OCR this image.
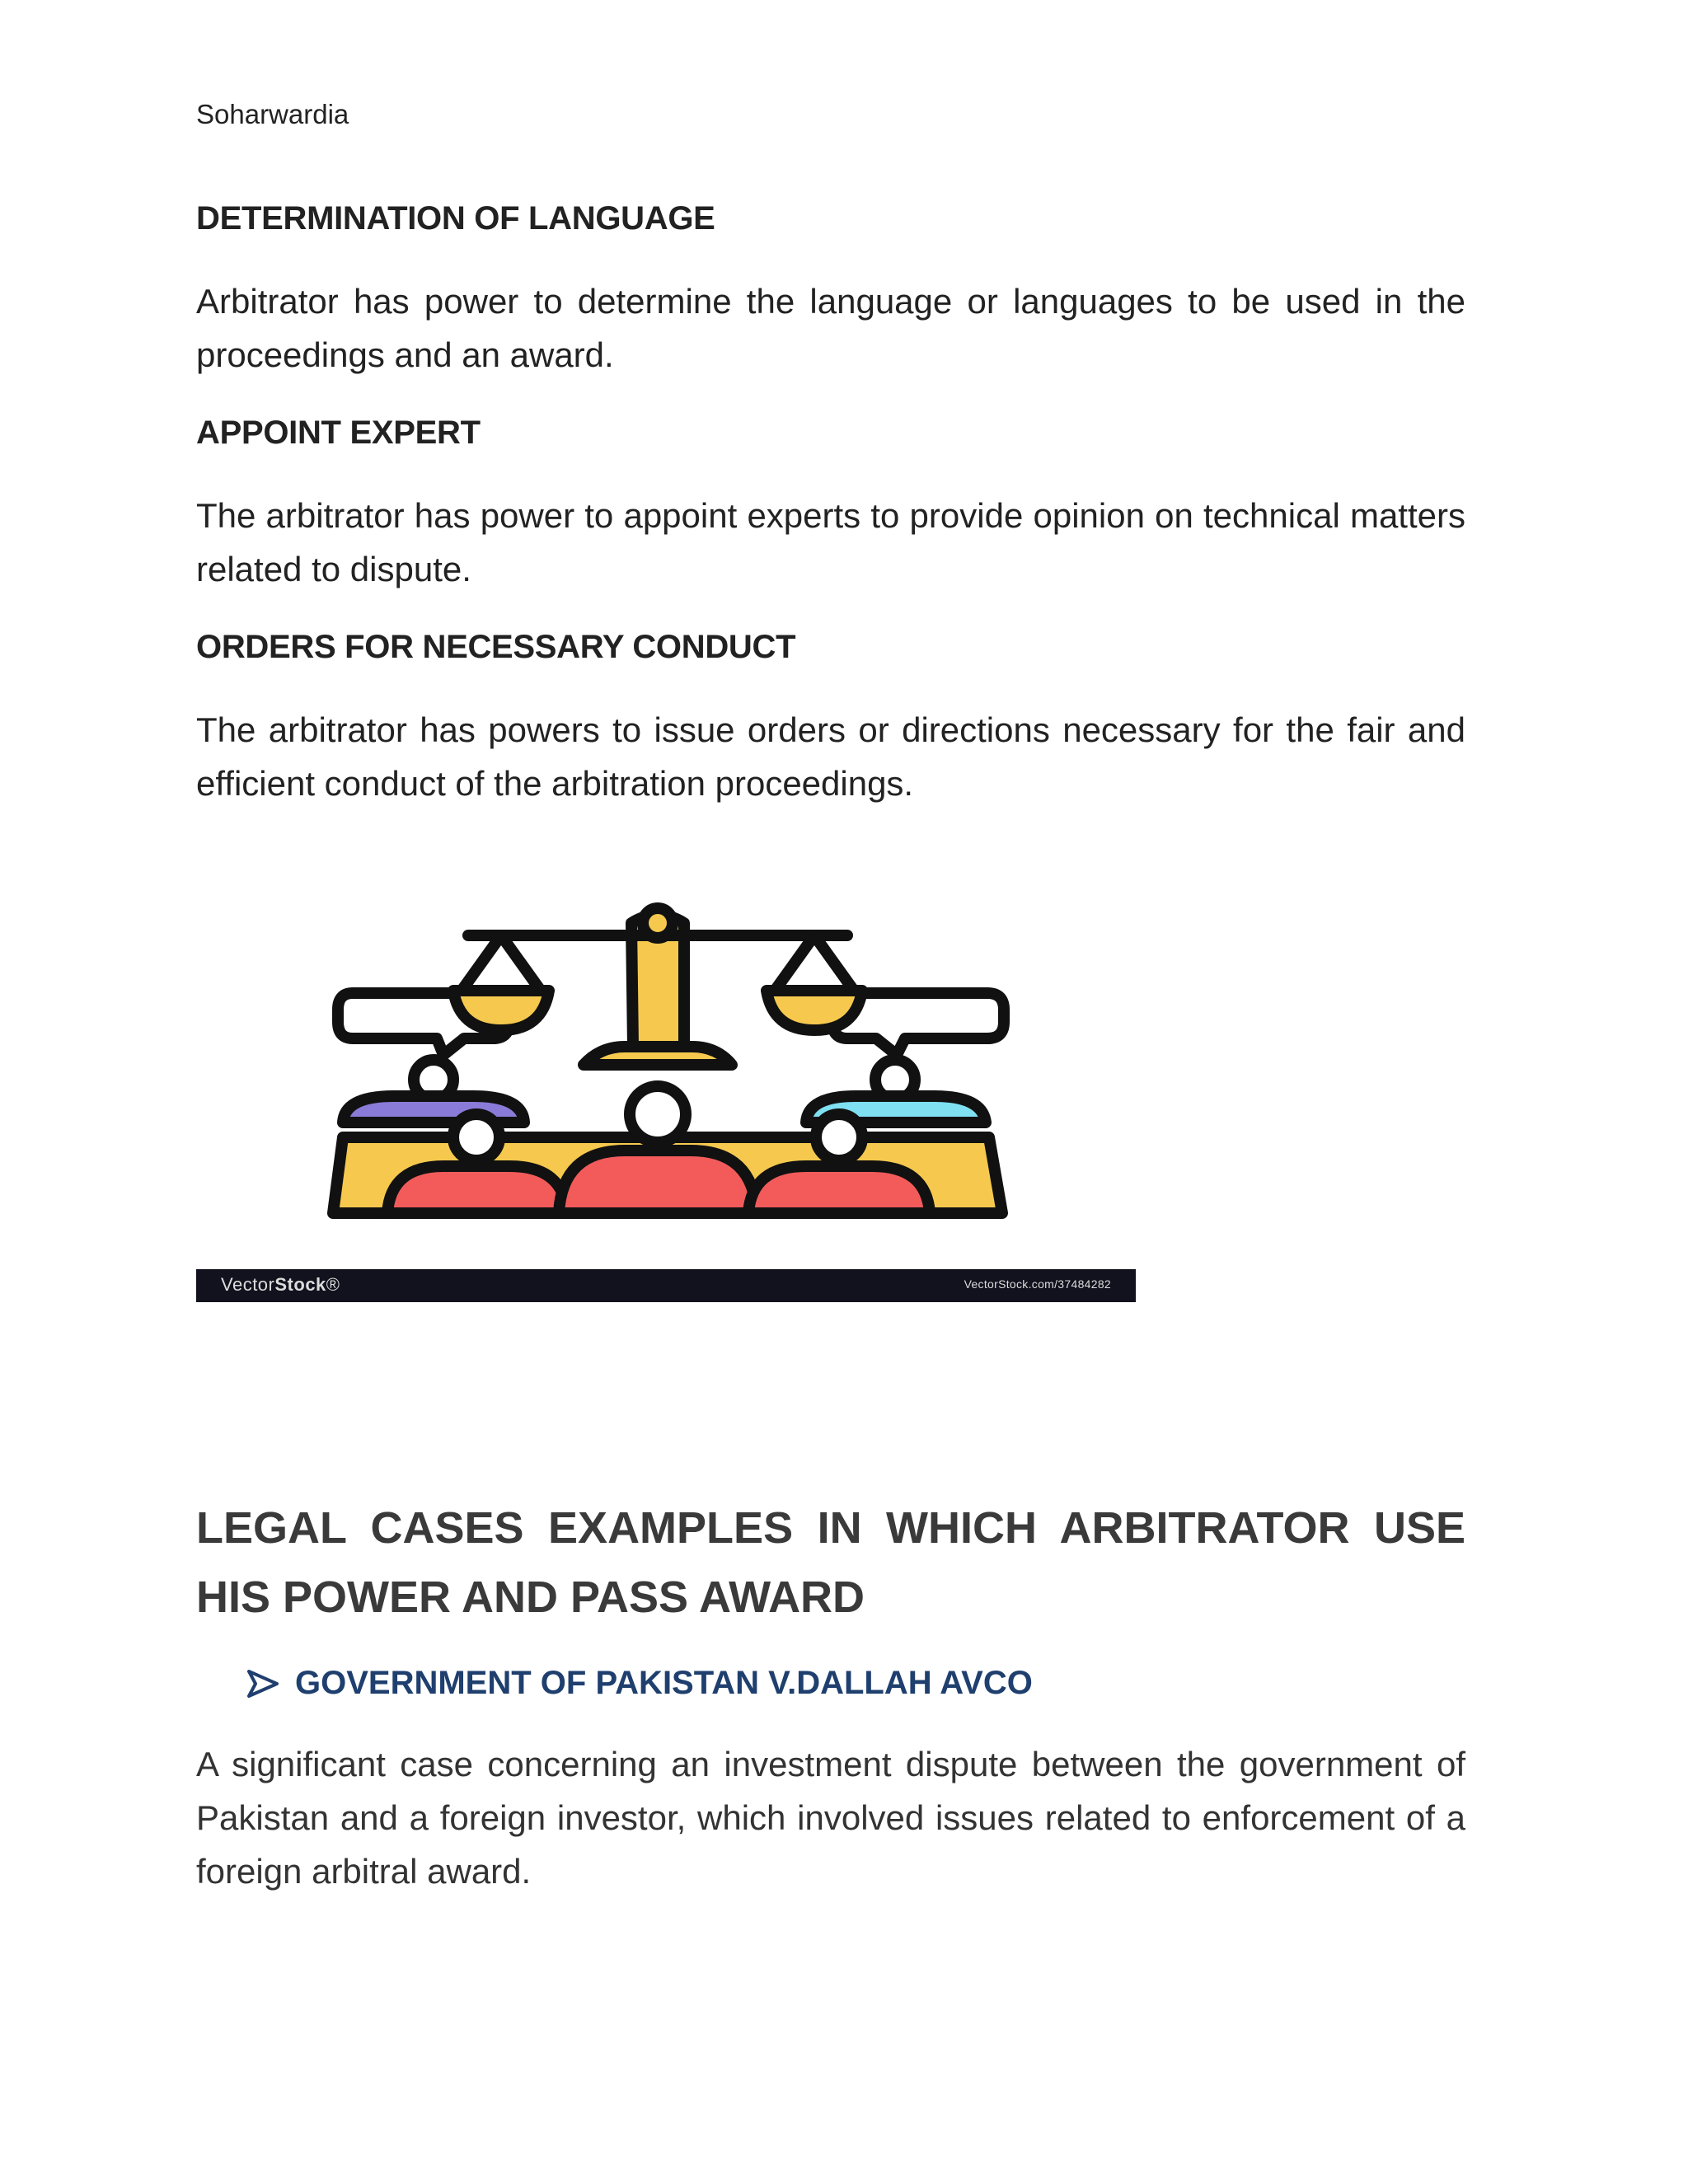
Soharwardia
DETERMINATION OF LANGUAGE
Arbitrator has power to determine the language or languages to be used in the proceedings and an award.
APPOINT EXPERT
The arbitrator has power to appoint experts to provide opinion on technical matters related to dispute.
ORDERS FOR NECESSARY CONDUCT
The arbitrator has powers to issue orders or directions necessary for the fair and efficient conduct of the arbitration proceedings.
VectorStock®	VectorStock.com/37484282
LEGAL CASES EXAMPLES IN WHICH ARBITRATOR USE HIS POWER AND PASS AWARD
GOVERNMENT OF PAKISTAN V.DALLAH AVCO
A significant case concerning an investment dispute between the government of Pakistan and a foreign investor, which involved issues related to enforcement of a foreign arbitral award.
